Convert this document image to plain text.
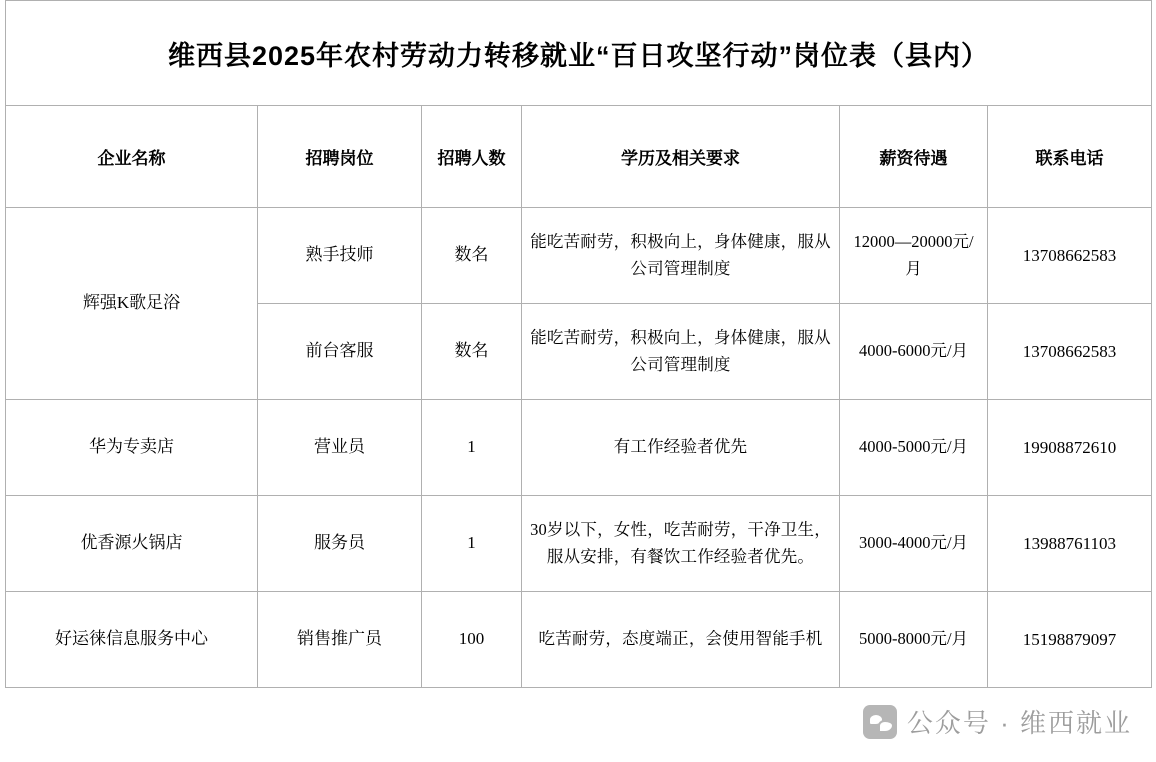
维西县2025年农村劳动力转移就业“百日攻坚行动”岗位表（县内）					
企业名称	招聘岗位	招聘人数	学历及相关要求	薪资待遇	联系电话
辉强K歌足浴	熟手技师	数名	能吃苦耐劳，积极向上，身体健康，服从公司管理制度	12000—20000元/月	13708662583
	前台客服	数名	能吃苦耐劳，积极向上，身体健康，服从公司管理制度	4000-6000元/月	13708662583
华为专卖店	营业员	1	有工作经验者优先	4000-5000元/月	19908872610
优香源火锅店	服务员	1	30岁以下，女性，吃苦耐劳，干净卫生，服从安排，有餐饮工作经验者优先。	3000-4000元/月	13988761103
好运徕信息服务中心	销售推广员	100	吃苦耐劳，态度端正，会使用智能手机	5000-8000元/月	15198879097
公众号 · 维西就业
